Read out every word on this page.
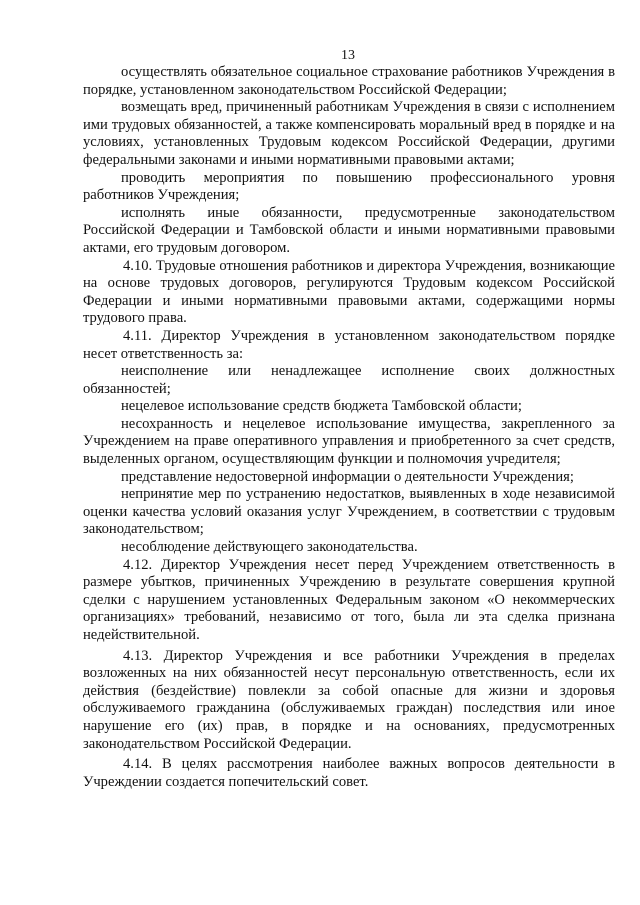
13

осуществлять обязательное социальное страхование работников Учреждения в порядке, установленном законодательством Российской Федерации;

возмещать вред, причиненный работникам Учреждения в связи с исполнением ими трудовых обязанностей, а также компенсировать моральный вред в порядке и на условиях, установленных Трудовым кодексом Российской Федерации, другими федеральными законами и иными нормативными правовыми актами;

проводить мероприятия по повышению профессионального уровня работников Учреждения;

исполнять иные обязанности, предусмотренные законодательством Российской Федерации и Тамбовской области и иными нормативными правовыми актами, его трудовым договором.

4.10. Трудовые отношения работников и директора Учреждения, возникающие на основе трудовых договоров, регулируются Трудовым кодексом Российской Федерации и иными нормативными правовыми актами, содержащими нормы трудового права.

4.11. Директор Учреждения в установленном законодательством порядке несет ответственность за:

неисполнение или ненадлежащее исполнение своих должностных обязанностей;

нецелевое использование средств бюджета Тамбовской области;

несохранность и нецелевое использование имущества, закрепленного за Учреждением на праве оперативного управления и приобретенного за счет средств, выделенных органом, осуществляющим функции и полномочия учредителя;

представление недостоверной информации о деятельности Учреждения;

непринятие мер по устранению недостатков, выявленных в ходе независимой оценки качества условий оказания услуг Учреждением, в соответствии с трудовым законодательством;

несоблюдение действующего законодательства.

4.12. Директор Учреждения несет перед Учреждением ответственность в размере убытков, причиненных Учреждению в результате совершения крупной сделки с нарушением установленных Федеральным законом «О некоммерческих организациях» требований, независимо от того, была ли эта сделка признана недействительной.

4.13. Директор Учреждения и все работники Учреждения в пределах возложенных на них обязанностей несут персональную ответственность, если их действия (бездействие) повлекли за собой опасные для жизни и здоровья обслуживаемого гражданина (обслуживаемых граждан) последствия или иное нарушение его (их) прав, в порядке и на основаниях, предусмотренных законодательством Российской Федерации.

4.14. В целях рассмотрения наиболее важных вопросов деятельности в Учреждении создается попечительский совет.
